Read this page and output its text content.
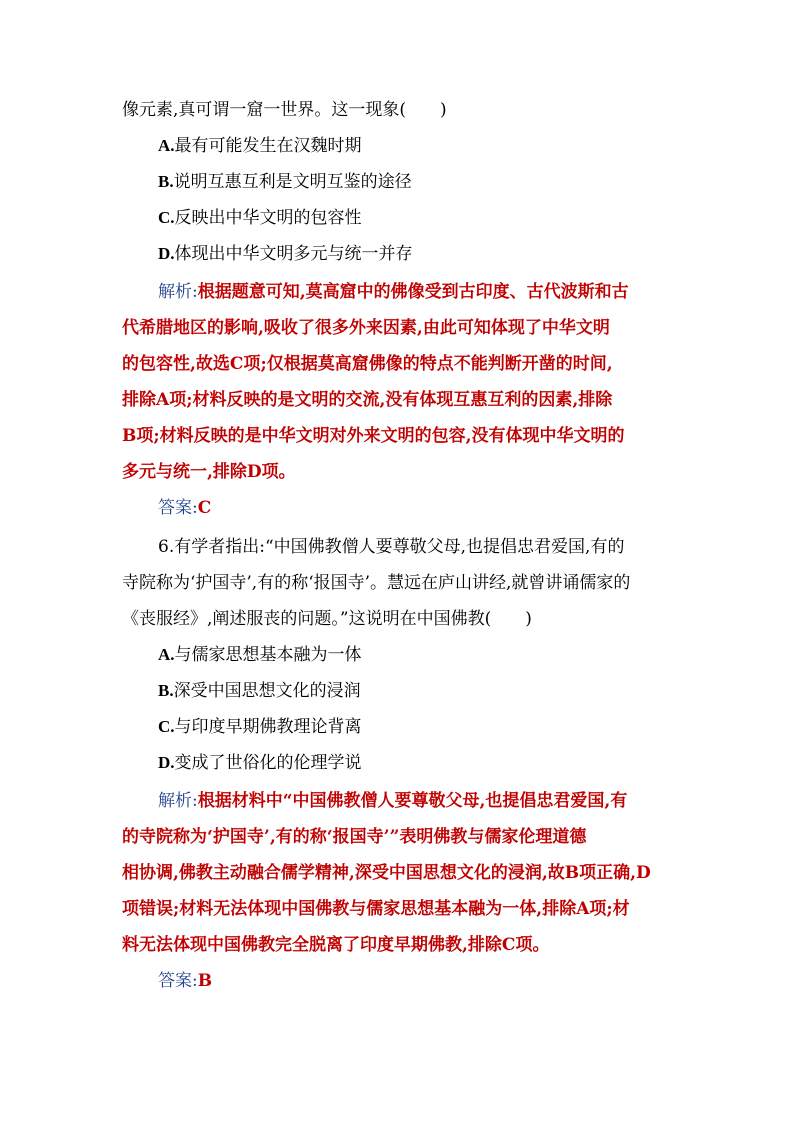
像元素,真可谓一窟一世界。这一现象(　　)
A.最有可能发生在汉魏时期
B.说明互惠互利是文明互鉴的途径
C.反映出中华文明的包容性
D.体现出中华文明多元与统一并存
解析:根据题意可知,莫高窟中的佛像受到古印度、古代波斯和古
代希腊地区的影响,吸收了很多外来因素,由此可知体现了中华文明
的包容性,故选C项;仅根据莫高窟佛像的特点不能判断开凿的时间,
排除A项;材料反映的是文明的交流,没有体现互惠互利的因素,排除
B项;材料反映的是中华文明对外来文明的包容,没有体现中华文明的
多元与统一,排除D项。
答案:C
6.有学者指出:“中国佛教僧人要尊敬父母,也提倡忠君爱国,有的
寺院称为‘护国寺’,有的称‘报国寺’。慧远在庐山讲经,就曾讲诵儒家的
《丧服经》,阐述服丧的问题。”这说明在中国佛教(　　)
A.与儒家思想基本融为一体
B.深受中国思想文化的浸润
C.与印度早期佛教理论背离
D.变成了世俗化的伦理学说
解析:根据材料中“中国佛教僧人要尊敬父母,也提倡忠君爱国,有
的寺院称为‘护国寺’,有的称‘报国寺’”表明佛教与儒家伦理道德
相协调,佛教主动融合儒学精神,深受中国思想文化的浸润,故B项正确,D
项错误;材料无法体现中国佛教与儒家思想基本融为一体,排除A项;材
料无法体现中国佛教完全脱离了印度早期佛教,排除C项。
答案:B
